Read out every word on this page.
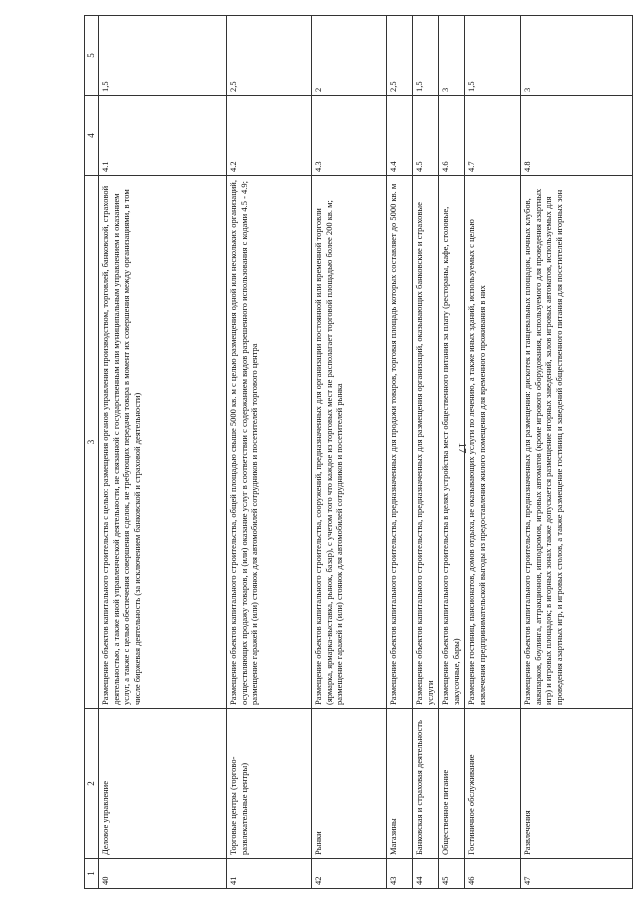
17
1	2	3	4	5
40	Деловое управление	Размещение объектов капитального строительства с целью: размещения органов управления производством, торговлей, банковской, страховой деятельностью, а также иной управленческой деятельности, не связанной с государственным или муниципальным управлением и оказанием услуг, а также с целью обеспечения совершения сделок, не требующих передачи товара в момент их совершения между организациями, в том числе биржевая деятельность (за исключением банковской и страховой деятельности)	4.1	1,5
41	Торговые центры (торгово-развлекательные центры)	Размещение объектов капитального строительства, общей площадью свыше 5000 кв. м с целью размещения одной или нескольких организаций, осуществляющих продажу товаров, и (или) оказание услуг в соответствии с содержанием видов разрешенного использования с кодами 4.5 - 4.9; размещение гаражей и (или) стоянок для автомобилей сотрудников и посетителей торгового центра	4.2	2,5
42	Рынки	Размещение объектов капитального строительства, сооружений, предназначенных для организации постоянной или временной торговли (ярмарка, ярмарка-выставка, рынок, базар), с учетом того что каждое из торговых мест не располагает торговой площадью более 200 кв. м; размещение гаражей и (или) стоянок для автомобилей сотрудников и посетителей рынка	4.3	2
43	Магазины	Размещение объектов капитального строительства, предназначенных для продажи товаров, торговая площадь которых составляет до 5000 кв. м	4.4	2,5
44	Банковская и страховая деятельность	Размещение объектов капитального строительства, предназначенных для размещения организаций, оказывающих банковские и страховые услуги	4.5	1,5
45	Общественное питание	Размещение объектов капитального строительства в целях устройства мест общественного питания за плату (рестораны, кафе, столовые, закусочные, бары)	4.6	3
46	Гостиничное обслуживание	Размещение гостиниц, пансионатов, домов отдыха, не оказывающих услуги по лечению, а также иных зданий, используемых с целью извлечения предпринимательской выгоды из предоставления жилого помещения для временного проживания в них	4.7	1,5
47	Развлечения	Размещение объектов капитального строительства, предназначенных для размещения: дискотек и танцевальных площадок, ночных клубов, аквапарков, боулинга, аттракционов, ипподромов, игровых автоматов (кроме игрового оборудования, используемого для проведения азартных игр) и игровых площадок; в игорных зонах также допускается размещение игорных заведений, залов игровых автоматов, используемых для проведения азартных игр, и игровых столов, а также размещение гостиниц и заведений общественного питания для посетителей игорных зон	4.8	3
